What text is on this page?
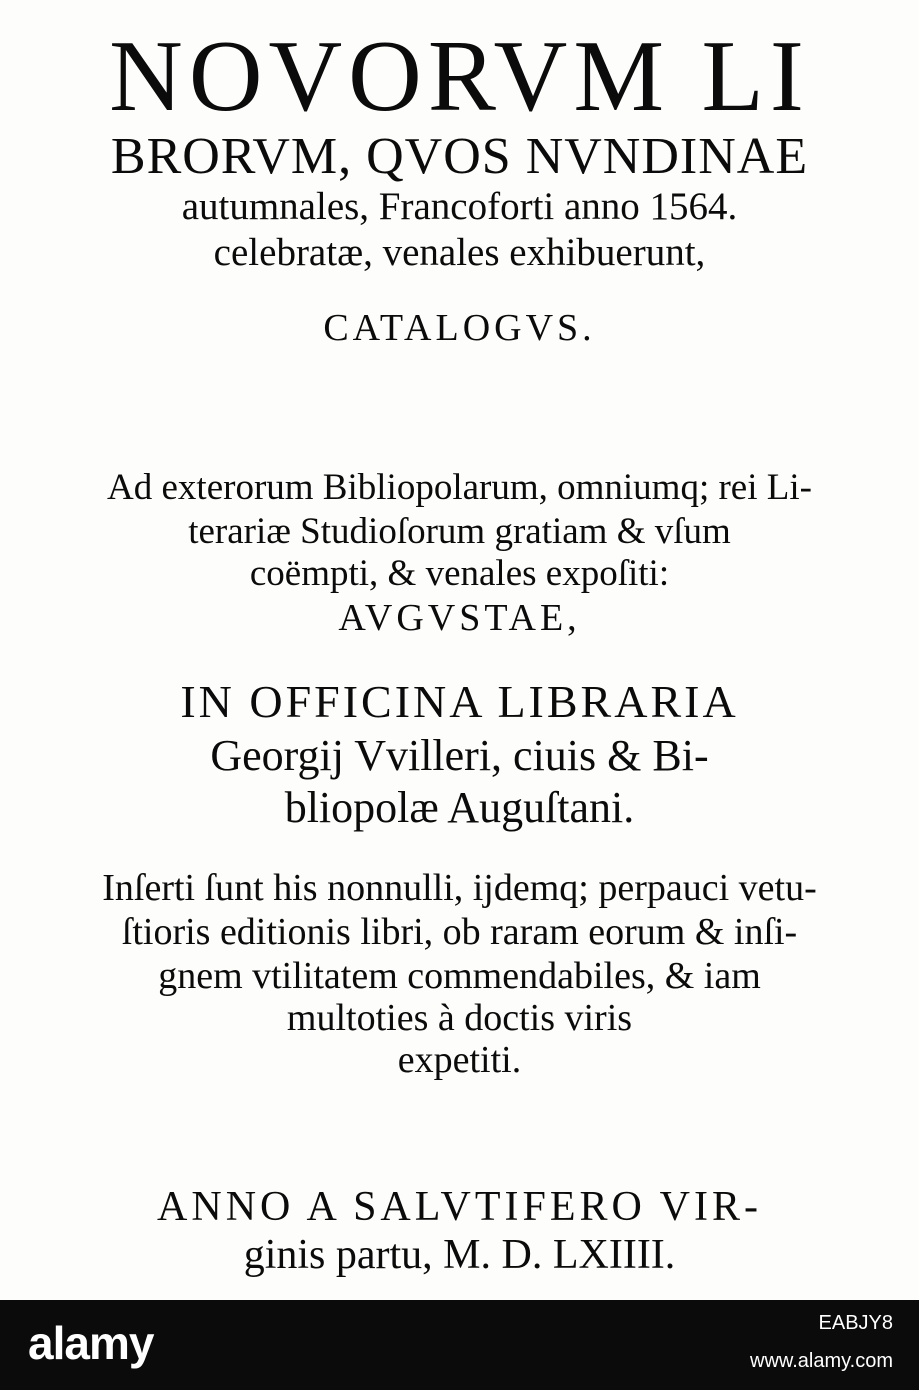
NOVORVM LI
BRORVM, QVOS NVNDINAE
autumnales, Francoforti anno 1564.
celebratæ, venales exhibuerunt,
CATALOGVS.
Ad exterorum Bibliopolarum, omniumq; rei Li-
terariæ Studioſorum gratiam & vſum
coëmpti, & venales expoſiti:
AVGVSTAE,
IN OFFICINA LIBRARIA
Georgij Vvilleri, ciuis & Bi-
bliopolæ Auguſtani.
Inſerti ſunt his nonnulli, ijdemq; perpauci vetu-
ſtioris editionis libri, ob raram eorum & inſi-
gnem vtilitatem commendabiles, & iam
multoties à doctis viris
expetiti.
ANNO A SALVTIFERO VIR-
ginis partu, M. D. LXIIII.
alamy	EABJY8
www.alamy.com
